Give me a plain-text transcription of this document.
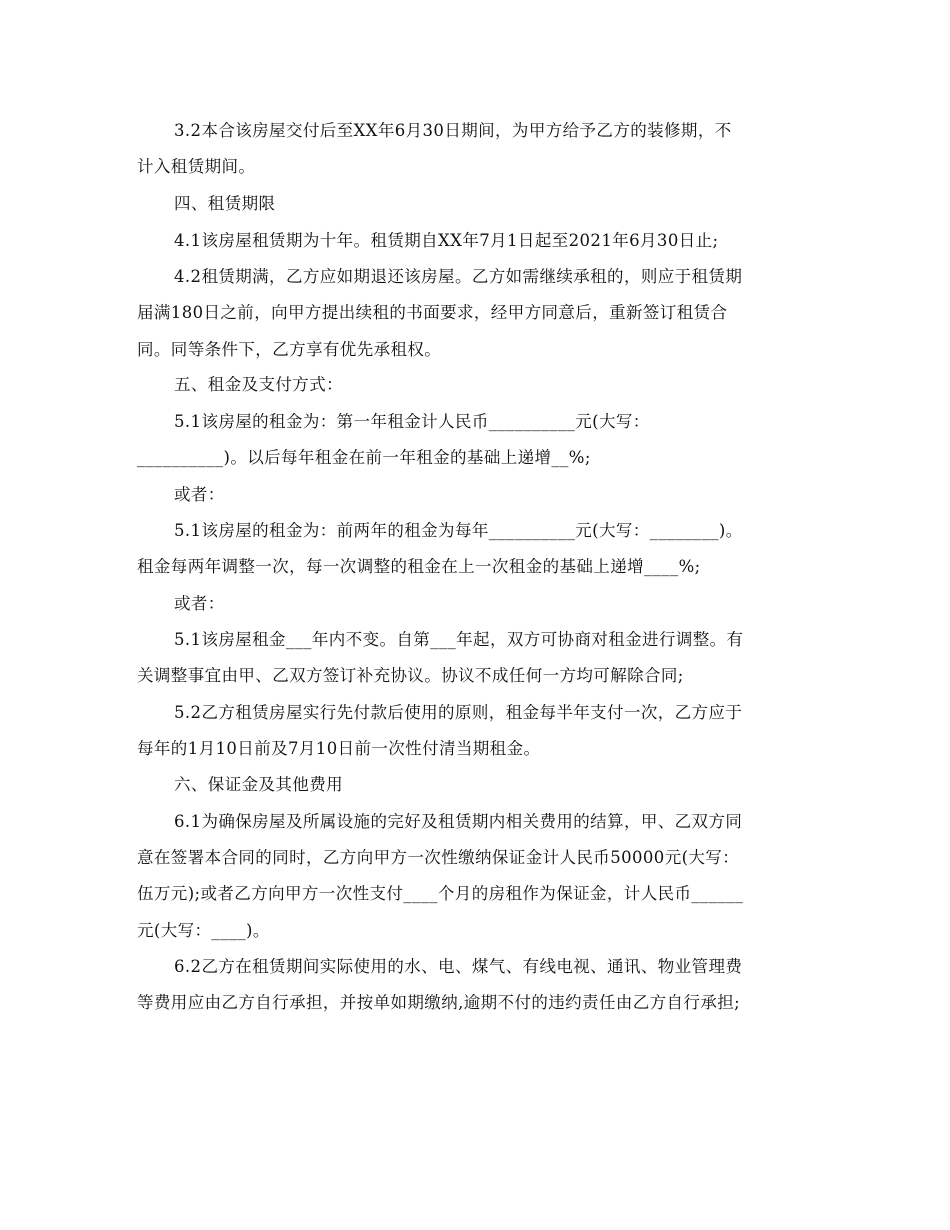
3.2本合该房屋交付后至XX年6月30日期间，为甲方给予乙方的装修期，不
计入租赁期间。
四、租赁期限
4.1该房屋租赁期为十年。租赁期自XX年7月1日起至2021年6月30日止;
4.2租赁期满，乙方应如期退还该房屋。乙方如需继续承租的，则应于租赁期
届满180日之前，向甲方提出续租的书面要求，经甲方同意后，重新签订租赁合
同。同等条件下，乙方享有优先承租权。
五、租金及支付方式：
5.1该房屋的租金为：第一年租金计人民币__________元(大写：
__________)。以后每年租金在前一年租金的基础上递增__%;
或者：
5.1该房屋的租金为：前两年的租金为每年__________元(大写：________)。
租金每两年调整一次，每一次调整的租金在上一次租金的基础上递增____%;
或者：
5.1该房屋租金___年内不变。自第___年起，双方可协商对租金进行调整。有
关调整事宜由甲、乙双方签订补充协议。协议不成任何一方均可解除合同;
5.2乙方租赁房屋实行先付款后使用的原则，租金每半年支付一次，乙方应于
每年的1月10日前及7月10日前一次性付清当期租金。
六、保证金及其他费用
6.1为确保房屋及所属设施的完好及租赁期内相关费用的结算，甲、乙双方同
意在签署本合同的同时，乙方向甲方一次性缴纳保证金计人民币50000元(大写：
伍万元);或者乙方向甲方一次性支付____个月的房租作为保证金，计人民币______
元(大写：____)。
6.2乙方在租赁期间实际使用的水、电、煤气、有线电视、通讯、物业管理费
等费用应由乙方自行承担，并按单如期缴纳,逾期不付的违约责任由乙方自行承担;
